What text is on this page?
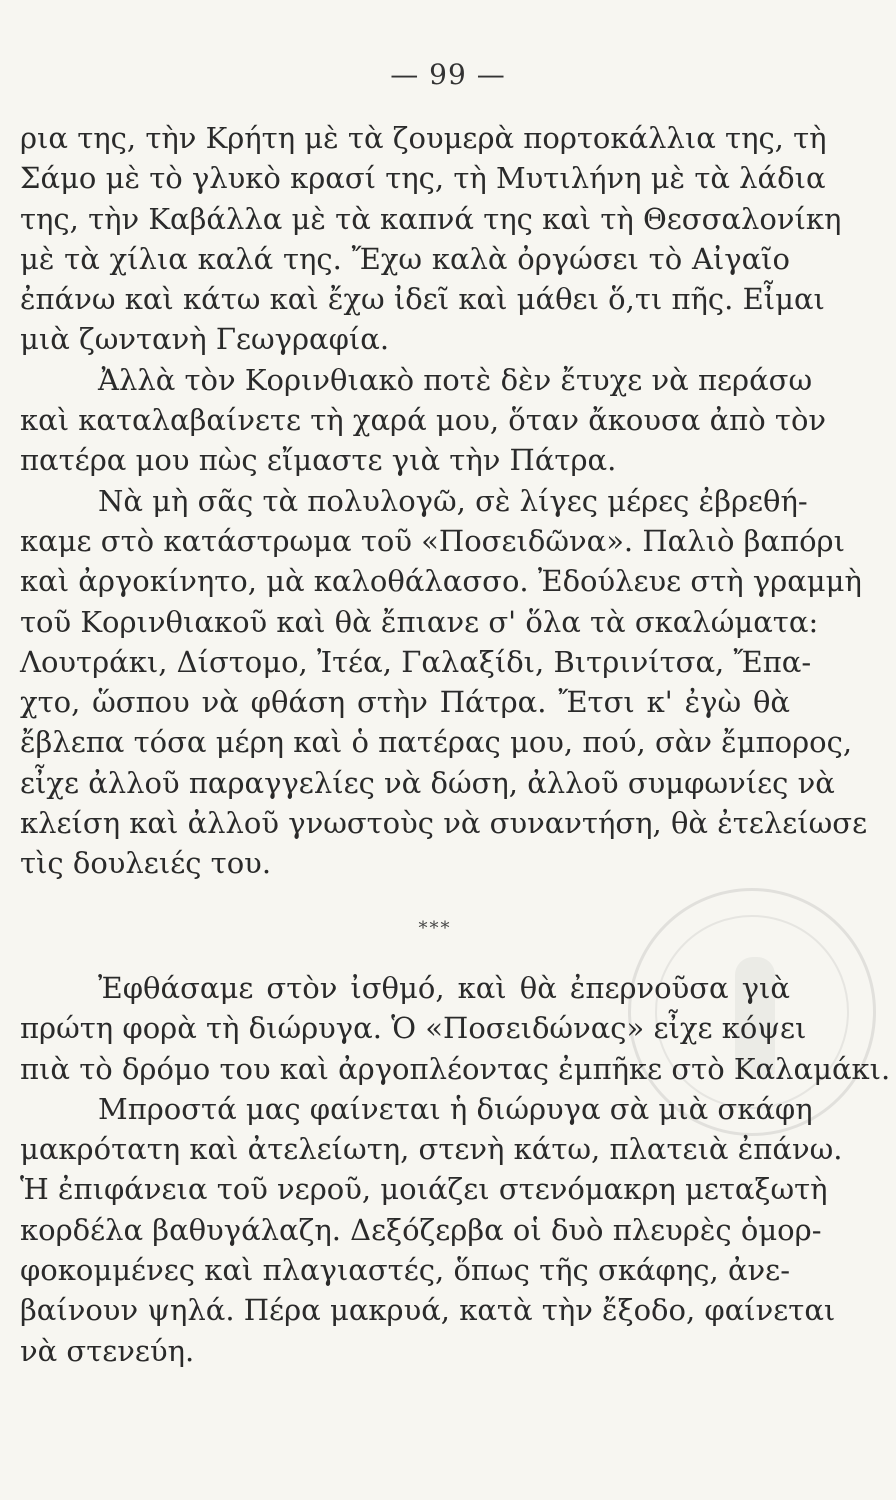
— 99 —
ρια της, τὴν Κρήτη μὲ τὰ ζουμερὰ πορτοκάλλια της, τὴ
Σάμο μὲ τὸ γλυκὸ κρασί της, τὴ Μυτιλήνη μὲ τὰ λάδια
της, τὴν Καβάλλα μὲ τὰ καπνά της καὶ τὴ Θεσσαλονίκη
μὲ τὰ χίλια καλά της. Ἔχω καλὰ ὀργώσει τὸ Αἰγαῖο
ἐπάνω καὶ κάτω καὶ ἔχω ἰδεῖ καὶ μάθει ὅ,τι πῆς. Εἶμαι
μιὰ ζωντανὴ Γεωγραφία.
Ἀλλὰ τὸν Κορινθιακὸ ποτὲ δὲν ἔτυχε νὰ περάσω
καὶ καταλαβαίνετε τὴ χαρά μου, ὅταν ἄκουσα ἀπὸ τὸν
πατέρα μου πὼς εἴμαστε γιὰ τὴν Πάτρα.
Νὰ μὴ σᾶς τὰ πολυλογῶ, σὲ λίγες μέρες ἐβρεθή-
καμε στὸ κατάστρωμα τοῦ «Ποσειδῶνα». Παλιὸ βαπόρι
καὶ ἀργοκίνητο, μὰ καλοθάλασσο. Ἐδούλευε στὴ γραμμὴ
τοῦ Κορινθιακοῦ καὶ θὰ ἔπιανε σ' ὅλα τὰ σκαλώματα:
Λουτράκι, Δίστομο, Ἰτέα, Γαλαξίδι, Βιτρινίτσα, Ἔπα-
χτο, ὥσπου νὰ φθάση στὴν Πάτρα. Ἔτσι κ' ἐγὼ θὰ
ἔβλεπα τόσα μέρη καὶ ὁ πατέρας μου, πού, σὰν ἔμπορος,
εἶχε ἀλλοῦ παραγγελίες νὰ δώση, ἀλλοῦ συμφωνίες νὰ
κλείση καὶ ἀλλοῦ γνωστοὺς νὰ συναντήση, θὰ ἐτελείωσε
τὶς δουλειές του.
***
Ἐφθάσαμε στὸν ἰσθμό, καὶ θὰ ἐπερνοῦσα γιὰ
πρώτη φορὰ τὴ διώρυγα. Ὁ «Ποσειδώνας» εἶχε κόψει
πιὰ τὸ δρόμο του καὶ ἀργοπλέοντας ἐμπῆκε στὸ Καλαμάκι.
Μπροστά μας φαίνεται ἡ διώρυγα σὰ μιὰ σκάφη
μακρότατη καὶ ἀτελείωτη, στενὴ κάτω, πλατειὰ ἐπάνω.
Ἡ ἐπιφάνεια τοῦ νεροῦ, μοιάζει στενόμακρη μεταξωτὴ
κορδέλα βαθυγάλαζη. Δεξόζερβα οἱ δυὸ πλευρὲς ὁμορ-
φοκομμένες καὶ πλαγιαστές, ὅπως τῆς σκάφης, ἀνε-
βαίνουν ψηλά. Πέρα μακρυά, κατὰ τὴν ἔξοδο, φαίνεται
νὰ στενεύη.
